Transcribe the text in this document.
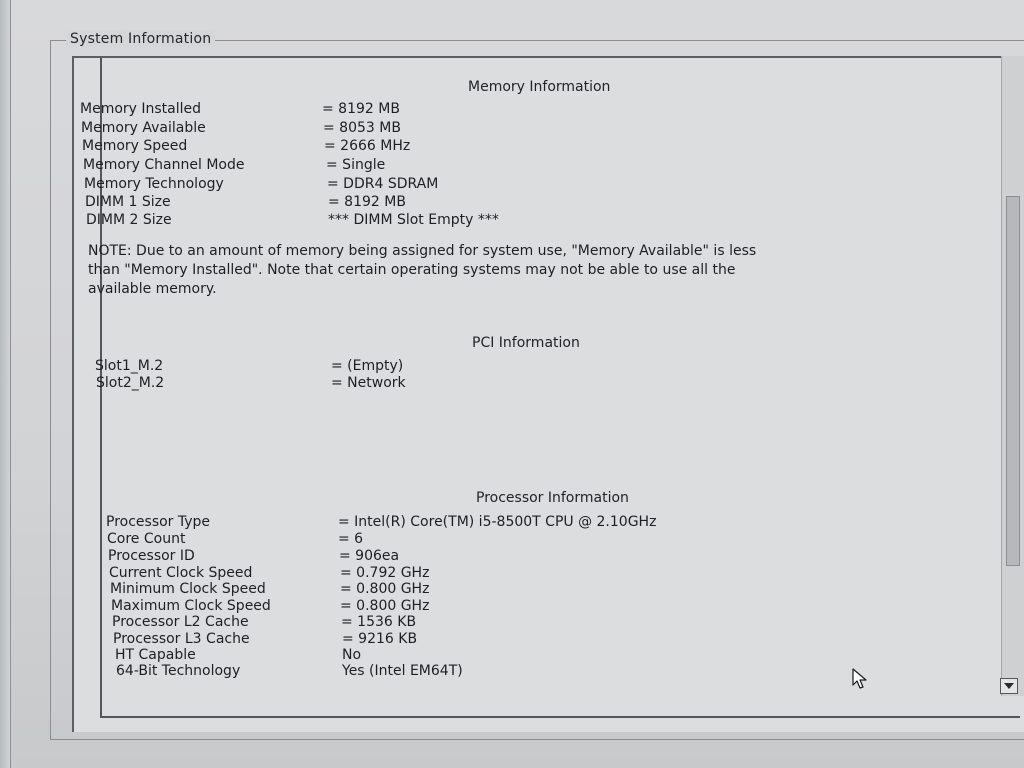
System Information
Memory Information
Memory Installed	= 8192 MB
Memory Available	= 8053 MB
Memory Speed	= 2666 MHz
Memory Channel Mode	= Single
Memory Technology	= DDR4 SDRAM
DIMM 1 Size	= 8192 MB
DIMM 2 Size	*** DIMM Slot Empty ***
NOTE: Due to an amount of memory being assigned for system use, "Memory Available" is less
than "Memory Installed". Note that certain operating systems may not be able to use all the
available memory.
PCI Information
Slot1_M.2	= (Empty)
Slot2_M.2	= Network
Processor Information
Processor Type	= Intel(R) Core(TM) i5-8500T CPU @ 2.10GHz
Core Count	= 6
Processor ID	= 906ea
Current Clock Speed	= 0.792 GHz
Minimum Clock Speed	= 0.800 GHz
Maximum Clock Speed	= 0.800 GHz
Processor L2 Cache	= 1536 KB
Processor L3 Cache	= 9216 KB
HT Capable	No
64-Bit Technology	Yes (Intel EM64T)
